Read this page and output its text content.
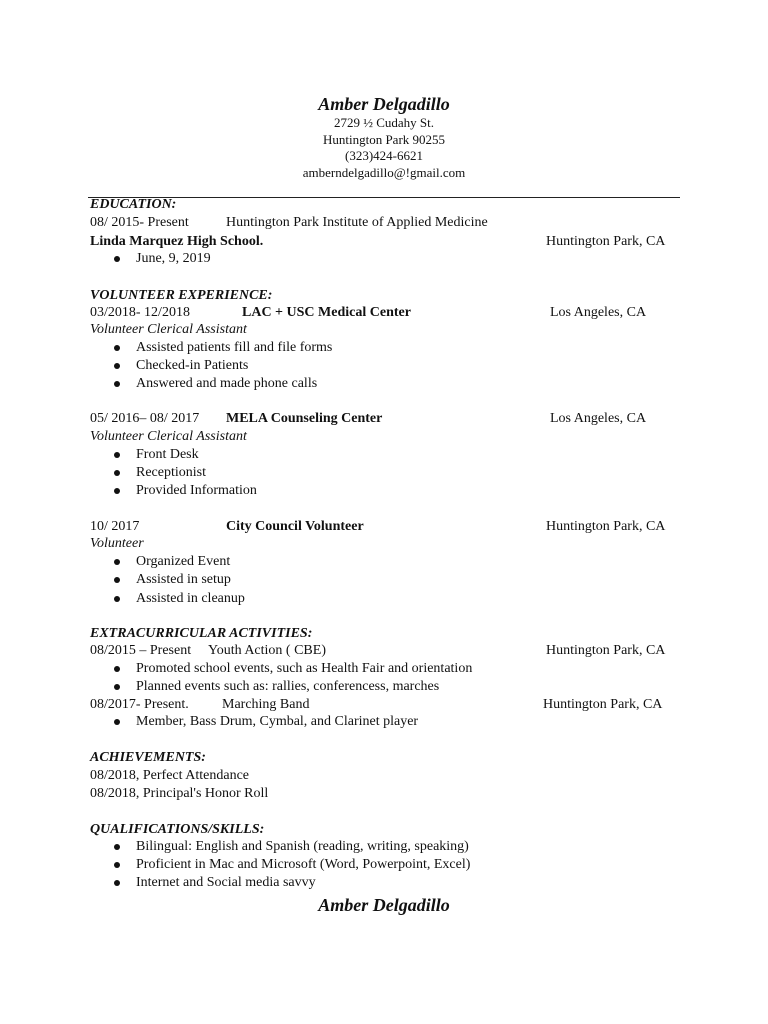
Amber Delgadillo
2729 ½ Cudahy St.
Huntington Park 90255
(323)424-6621
amberndelgadillo@!gmail.com
EDUCATION:
08/ 2015- Present	Huntington Park Institute of Applied Medicine
Linda Marquez High School.	Huntington Park, CA
June, 9, 2019
VOLUNTEER EXPERIENCE:
03/2018- 12/2018	LAC + USC Medical Center	Los Angeles, CA
Volunteer Clerical Assistant
Assisted patients fill and file forms
Checked-in Patients
Answered and made phone calls
05/ 2016– 08/ 2017 MELA Counseling Center	Los Angeles, CA
Volunteer Clerical Assistant
Front Desk
Receptionist
Provided Information
10/ 2017	City Council Volunteer	Huntington Park, CA
Volunteer
Organized Event
Assisted in setup
Assisted in cleanup
EXTRACURRICULAR ACTIVITIES:
08/2015 – Present Youth Action ( CBE)	Huntington Park, CA
Promoted school events, such as Health Fair and orientation
Planned events such as: rallies, conferencess, marches
08/2017- Present. Marching Band	Huntington Park, CA
Member, Bass Drum, Cymbal, and Clarinet player
ACHIEVEMENTS:
08/2018, Perfect Attendance
08/2018, Principal's Honor Roll
QUALIFICATIONS/SKILLS:
Bilingual: English and Spanish (reading, writing, speaking)
Proficient in Mac and Microsoft (Word, Powerpoint, Excel)
Internet and Social media savvy
Amber Delgadillo
